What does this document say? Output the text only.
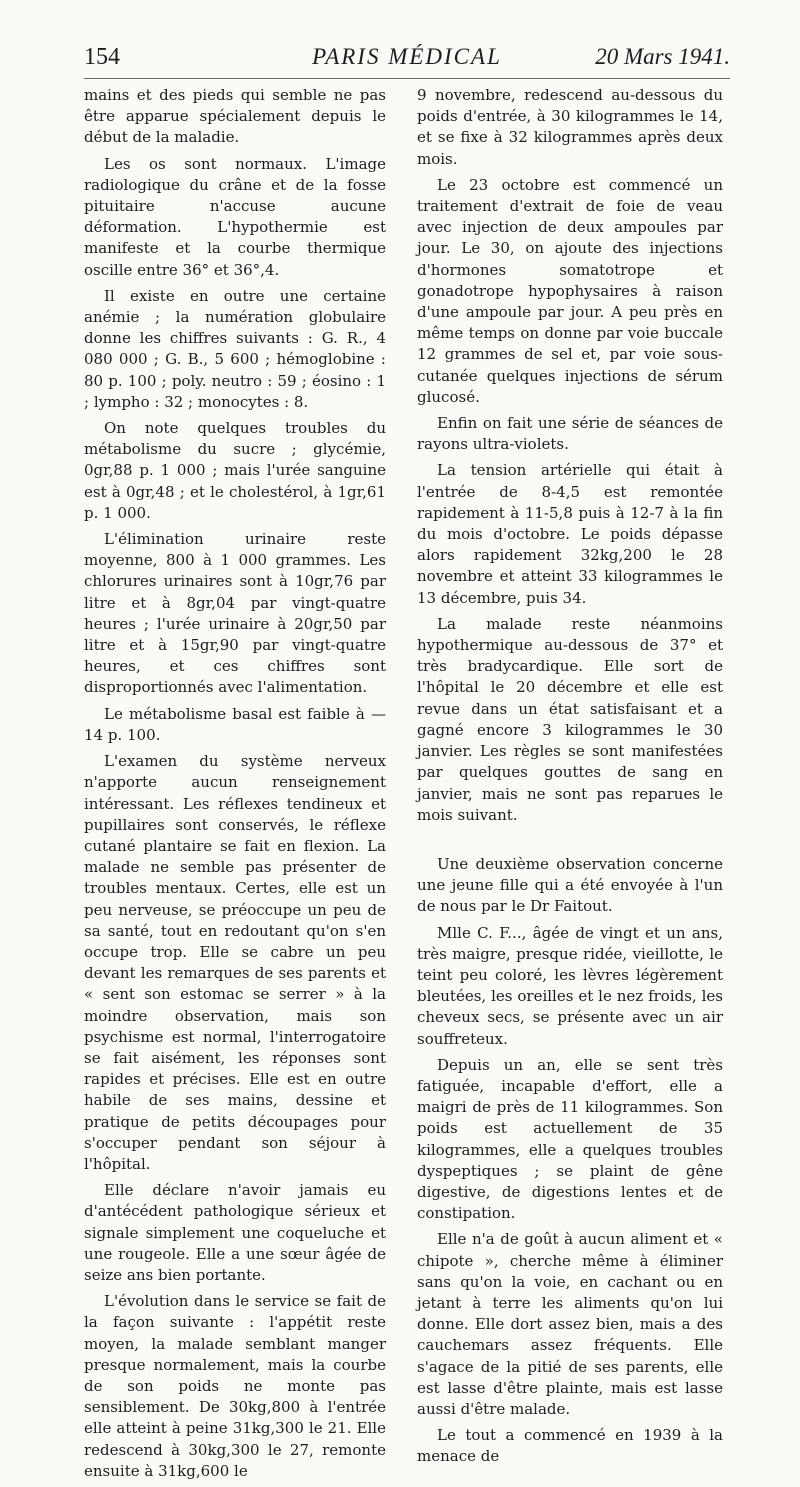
154	PARIS MÉDICAL	20 Mars 1941.

mains et des pieds qui semble ne pas être apparue spécialement depuis le début de la maladie.

Les os sont normaux. L'image radiologique du crâne et de la fosse pituitaire n'accuse aucune déformation. L'hypothermie est manifeste et la courbe thermique oscille entre 36° et 36°,4.

Il existe en outre une certaine anémie ; la numération globulaire donne les chiffres suivants : G. R., 4 080 000 ; G. B., 5 600 ; hémoglobine : 80 p. 100 ; poly. neutro : 59 ; éosino : 1 ; lympho : 32 ; monocytes : 8.

On note quelques troubles du métabolisme du sucre ; glycémie, 0gr,88 p. 1 000 ; mais l'urée sanguine est à 0gr,48 ; et le cholestérol, à 1gr,61 p. 1 000.

L'élimination urinaire reste moyenne, 800 à 1 000 grammes. Les chlorures urinaires sont à 10gr,76 par litre et à 8gr,04 par vingt-quatre heures ; l'urée urinaire à 20gr,50 par litre et à 15gr,90 par vingt-quatre heures, et ces chiffres sont disproportionnés avec l'alimentation.

Le métabolisme basal est faible à — 14 p. 100.

L'examen du système nerveux n'apporte aucun renseignement intéressant. Les réflexes tendineux et pupillaires sont conservés, le réflexe cutané plantaire se fait en flexion. La malade ne semble pas présenter de troubles mentaux. Certes, elle est un peu nerveuse, se préoccupe un peu de sa santé, tout en redoutant qu'on s'en occupe trop. Elle se cabre un peu devant les remarques de ses parents et « sent son estomac se serrer » à la moindre observation, mais son psychisme est normal, l'interrogatoire se fait aisément, les réponses sont rapides et précises. Elle est en outre habile de ses mains, dessine et pratique de petits découpages pour s'occuper pendant son séjour à l'hôpital.

Elle déclare n'avoir jamais eu d'antécédent pathologique sérieux et signale simplement une coqueluche et une rougeole. Elle a une sœur âgée de seize ans bien portante.

L'évolution dans le service se fait de la façon suivante : l'appétit reste moyen, la malade semblant manger presque normalement, mais la courbe de son poids ne monte pas sensiblement. De 30kg,800 à l'entrée elle atteint à peine 31kg,300 le 21. Elle redescend à 30kg,300 le 27, remonte ensuite à 31kg,600 le

9 novembre, redescend au-dessous du poids d'entrée, à 30 kilogrammes le 14, et se fixe à 32 kilogrammes après deux mois.

Le 23 octobre est commencé un traitement d'extrait de foie de veau avec injection de deux ampoules par jour. Le 30, on ajoute des injections d'hormones somatotrope et gonadotrope hypophysaires à raison d'une ampoule par jour. A peu près en même temps on donne par voie buccale 12 grammes de sel et, par voie sous-cutanée quelques injections de sérum glucosé.

Enfin on fait une série de séances de rayons ultra-violets.

La tension artérielle qui était à l'entrée de 8-4,5 est remontée rapidement à 11-5,8 puis à 12-7 à la fin du mois d'octobre. Le poids dépasse alors rapidement 32kg,200 le 28 novembre et atteint 33 kilogrammes le 13 décembre, puis 34.

La malade reste néanmoins hypothermique au-dessous de 37° et très bradycardique. Elle sort de l'hôpital le 20 décembre et elle est revue dans un état satisfaisant et a gagné encore 3 kilogrammes le 30 janvier. Les règles se sont manifestées par quelques gouttes de sang en janvier, mais ne sont pas reparues le mois suivant.

Une deuxième observation concerne une jeune fille qui a été envoyée à l'un de nous par le Dr Faitout.

Mlle C. F..., âgée de vingt et un ans, très maigre, presque ridée, vieillotte, le teint peu coloré, les lèvres légèrement bleutées, les oreilles et le nez froids, les cheveux secs, se présente avec un air souffreteux.

Depuis un an, elle se sent très fatiguée, incapable d'effort, elle a maigri de près de 11 kilogrammes. Son poids est actuellement de 35 kilogrammes, elle a quelques troubles dyspeptiques ; se plaint de gêne digestive, de digestions lentes et de constipation.

Elle n'a de goût à aucun aliment et « chipote », cherche même à éliminer sans qu'on la voie, en cachant ou en jetant à terre les aliments qu'on lui donne. Elle dort assez bien, mais a des cauchemars assez fréquents. Elle s'agace de la pitié de ses parents, elle est lasse d'être plainte, mais est lasse aussi d'être malade.

Le tout a commencé en 1939 à la menace de
